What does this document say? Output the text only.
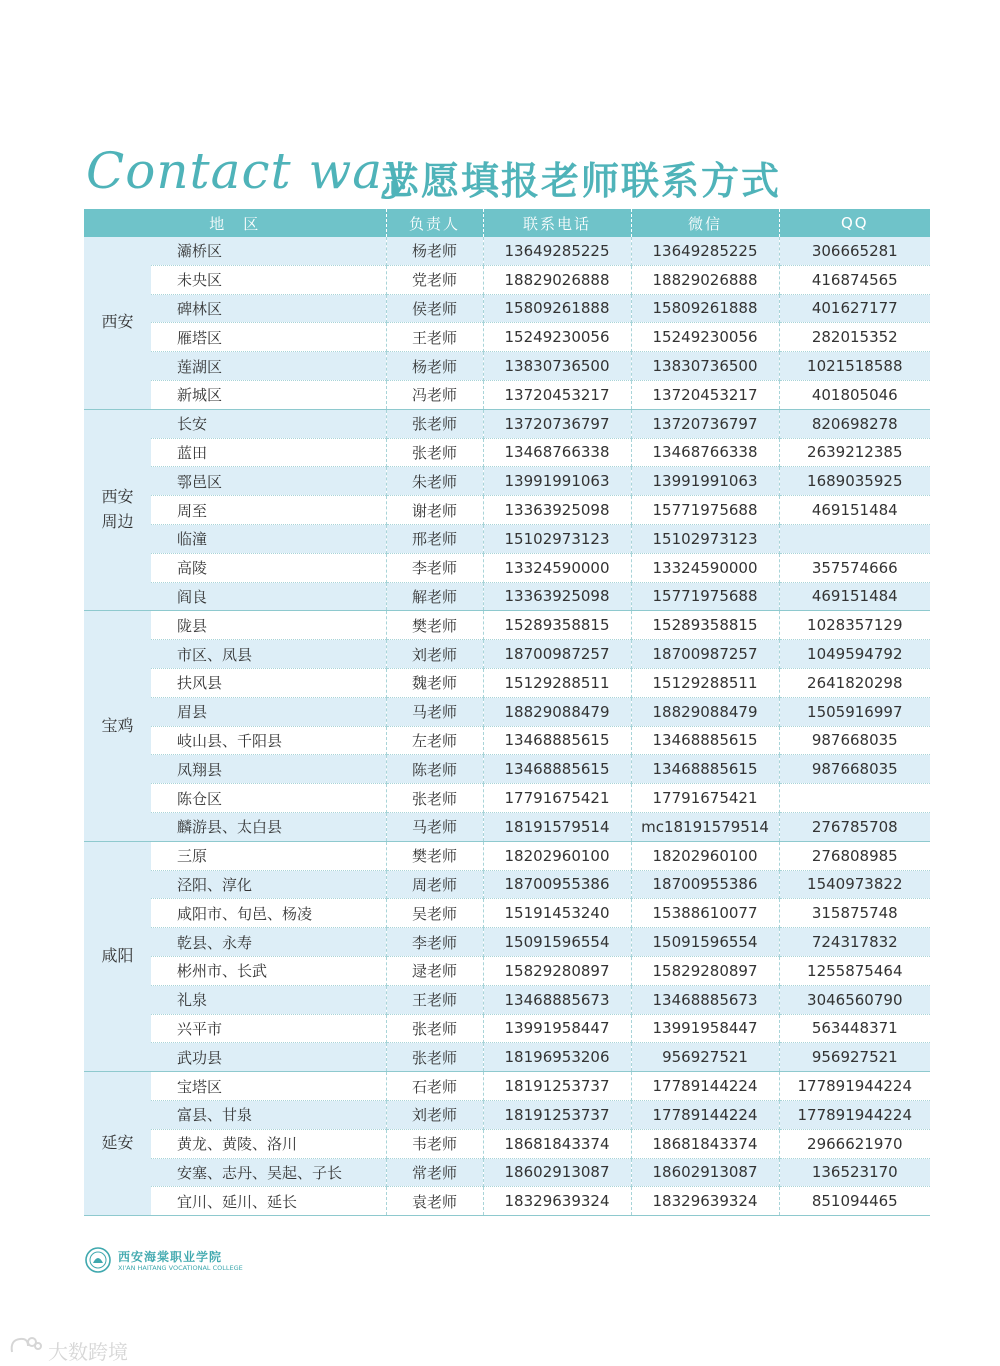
Contact way
志愿填报老师联系方式
地　区		负责人	联系电话	微信	QQ

西安	灞桥区	杨老师	13649285225	13649285225	306665281
	未央区	党老师	18829026888	18829026888	416874565
	碑林区	侯老师	15809261888	15809261888	401627177
	雁塔区	王老师	15249230056	15249230056	282015352
	莲湖区	杨老师	13830736500	13830736500	1021518588
	新城区	冯老师	13720453217	13720453217	401805046

西安
周边	长安	张老师	13720736797	13720736797	820698278
	蓝田	张老师	13468766338	13468766338	2639212385
	鄠邑区	朱老师	13991991063	13991991063	1689035925
	周至	谢老师	13363925098	15771975688	469151484
	临潼	邢老师	15102973123	15102973123	
	高陵	李老师	13324590000	13324590000	357574666
	阎良	解老师	13363925098	15771975688	469151484

宝鸡	陇县	樊老师	15289358815	15289358815	1028357129
	市区、凤县	刘老师	18700987257	18700987257	1049594792
	扶风县	魏老师	15129288511	15129288511	2641820298
	眉县	马老师	18829088479	18829088479	1505916997
	岐山县、千阳县	左老师	13468885615	13468885615	987668035
	凤翔县	陈老师	13468885615	13468885615	987668035
	陈仓区	张老师	17791675421	17791675421	
	麟游县、太白县	马老师	18191579514	mc18191579514	276785708

咸阳	三原	樊老师	18202960100	18202960100	276808985
	泾阳、淳化	周老师	18700955386	18700955386	1540973822
	咸阳市、旬邑、杨凌	吴老师	15191453240	15388610077	315875748
	乾县、永寿	李老师	15091596554	15091596554	724317832
	彬州市、长武	逯老师	15829280897	15829280897	1255875464
	礼泉	王老师	13468885673	13468885673	3046560790
	兴平市	张老师	13991958447	13991958447	563448371
	武功县	张老师	18196953206	956927521	956927521

延安	宝塔区	石老师	18191253737	17789144224	177891944224
	富县、甘泉	刘老师	18191253737	17789144224	177891944224
	黄龙、黄陵、洛川	韦老师	18681843374	18681843374	2966621970
	安塞、志丹、吴起、子长	常老师	18602913087	18602913087	136523170
	宜川、延川、延长	袁老师	18329639324	18329639324	851094465
西安海棠职业学院
XI'AN HAITANG VOCATIONAL COLLEGE
大数跨境
